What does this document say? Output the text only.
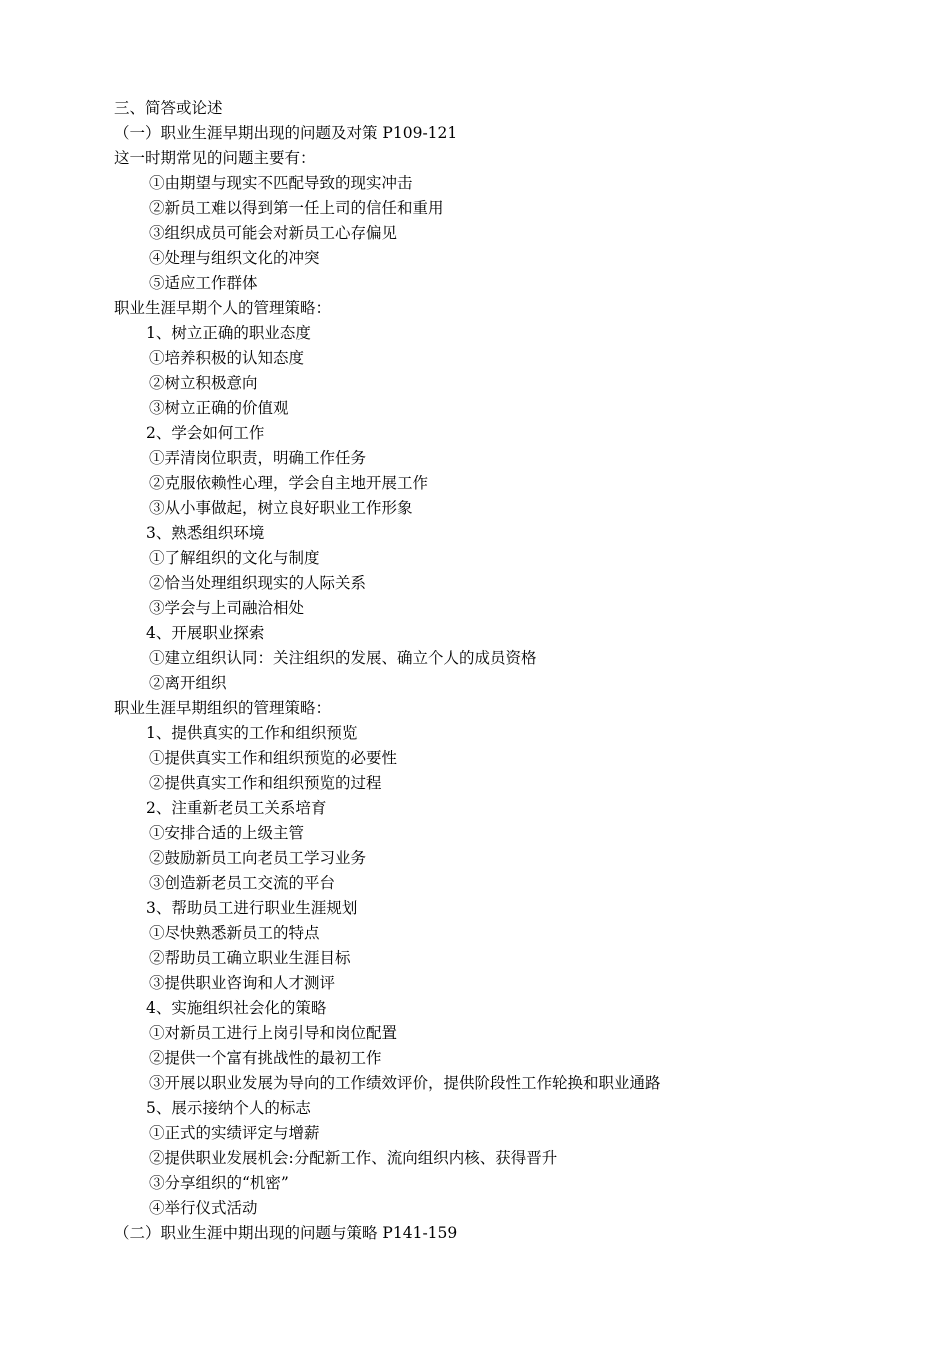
三、简答或论述
（一）职业生涯早期出现的问题及对策 P109-121
这一时期常见的问题主要有：
①由期望与现实不匹配导致的现实冲击
②新员工难以得到第一任上司的信任和重用
③组织成员可能会对新员工心存偏见
④处理与组织文化的冲突
⑤适应工作群体
职业生涯早期个人的管理策略：
1、树立正确的职业态度
①培养积极的认知态度
②树立积极意向
③树立正确的价值观
2、学会如何工作
①弄清岗位职责，明确工作任务
②克服依赖性心理，学会自主地开展工作
③从小事做起，树立良好职业工作形象
3、熟悉组织环境
①了解组织的文化与制度
②恰当处理组织现实的人际关系
③学会与上司融洽相处
4、开展职业探索
①建立组织认同：关注组织的发展、确立个人的成员资格
②离开组织
职业生涯早期组织的管理策略：
1、提供真实的工作和组织预览
①提供真实工作和组织预览的必要性
②提供真实工作和组织预览的过程
2、注重新老员工关系培育
①安排合适的上级主管
②鼓励新员工向老员工学习业务
③创造新老员工交流的平台
3、帮助员工进行职业生涯规划
①尽快熟悉新员工的特点
②帮助员工确立职业生涯目标
③提供职业咨询和人才测评
4、实施组织社会化的策略
①对新员工进行上岗引导和岗位配置
②提供一个富有挑战性的最初工作
③开展以职业发展为导向的工作绩效评价，提供阶段性工作轮换和职业通路
5、展示接纳个人的标志
①正式的实绩评定与增薪
②提供职业发展机会:分配新工作、流向组织内核、获得晋升
③分享组织的“机密”
④举行仪式活动
（二）职业生涯中期出现的问题与策略 P141-159
